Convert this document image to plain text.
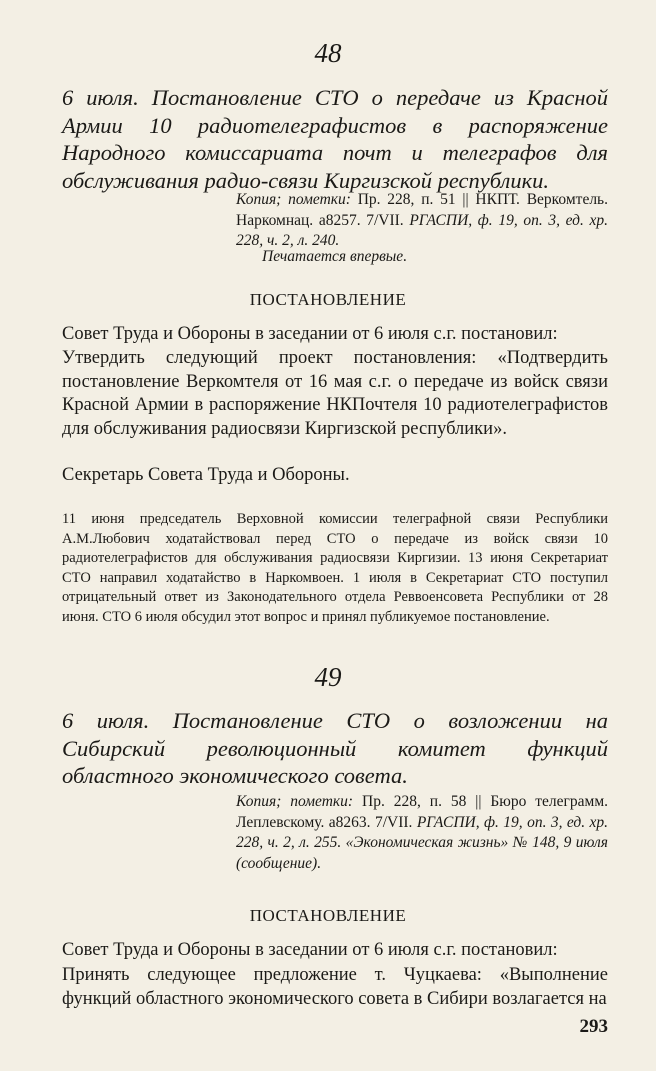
48
6 июля. Постановление СТО о передаче из Красной Армии 10 радиотелеграфистов в распоряжение Народного комиссариата почт и телеграфов для обслуживания радио-связи Киргизской республики.
Копия; пометки: Пр. 228, п. 51 || НКПТ. Веркомтель. Наркомнац. а8257. 7/VII. РГАСПИ, ф. 19, оп. 3, ед. хр. 228, ч. 2, л. 240.
Печатается впервые.
ПОСТАНОВЛЕНИЕ
Совет Труда и Обороны в заседании от 6 июля с.г. постановил:
Утвердить следующий проект постановления: «Подтвердить постановление Веркомтеля от 16 мая с.г. о передаче из войск связи Красной Армии в распоряжение НКПочтеля 10 радиотелеграфистов для обслуживания радиосвязи Киргизской республики».
Секретарь Совета Труда и Обороны.
11 июня председатель Верховной комиссии телеграфной связи Республики А.М.Любович ходатайствовал перед СТО о передаче из войск связи 10 радиотелеграфистов для обслуживания радиосвязи Киргизии. 13 июня Секретариат СТО направил ходатайство в Наркомвоен. 1 июля в Секретариат СТО поступил отрицательный ответ из Законодательного отдела Реввоенсовета Республики от 28 июня. СТО 6 июля обсудил этот вопрос и принял публикуемое постановление.
49
6 июля. Постановление СТО о возложении на Сибирский революционный комитет функций областного экономического совета.
Копия; пометки: Пр. 228, п. 58 || Бюро телеграмм. Леплевскому. а8263. 7/VII. РГАСПИ, ф. 19, оп. 3, ед. хр. 228, ч. 2, л. 255. «Экономическая жизнь» № 148, 9 июля (сообщение).
ПОСТАНОВЛЕНИЕ
Совет Труда и Обороны в заседании от 6 июля с.г. постановил:
Принять следующее предложение т. Чуцкаева: «Выполнение функций областного экономического совета в Сибири возлагается на
293
